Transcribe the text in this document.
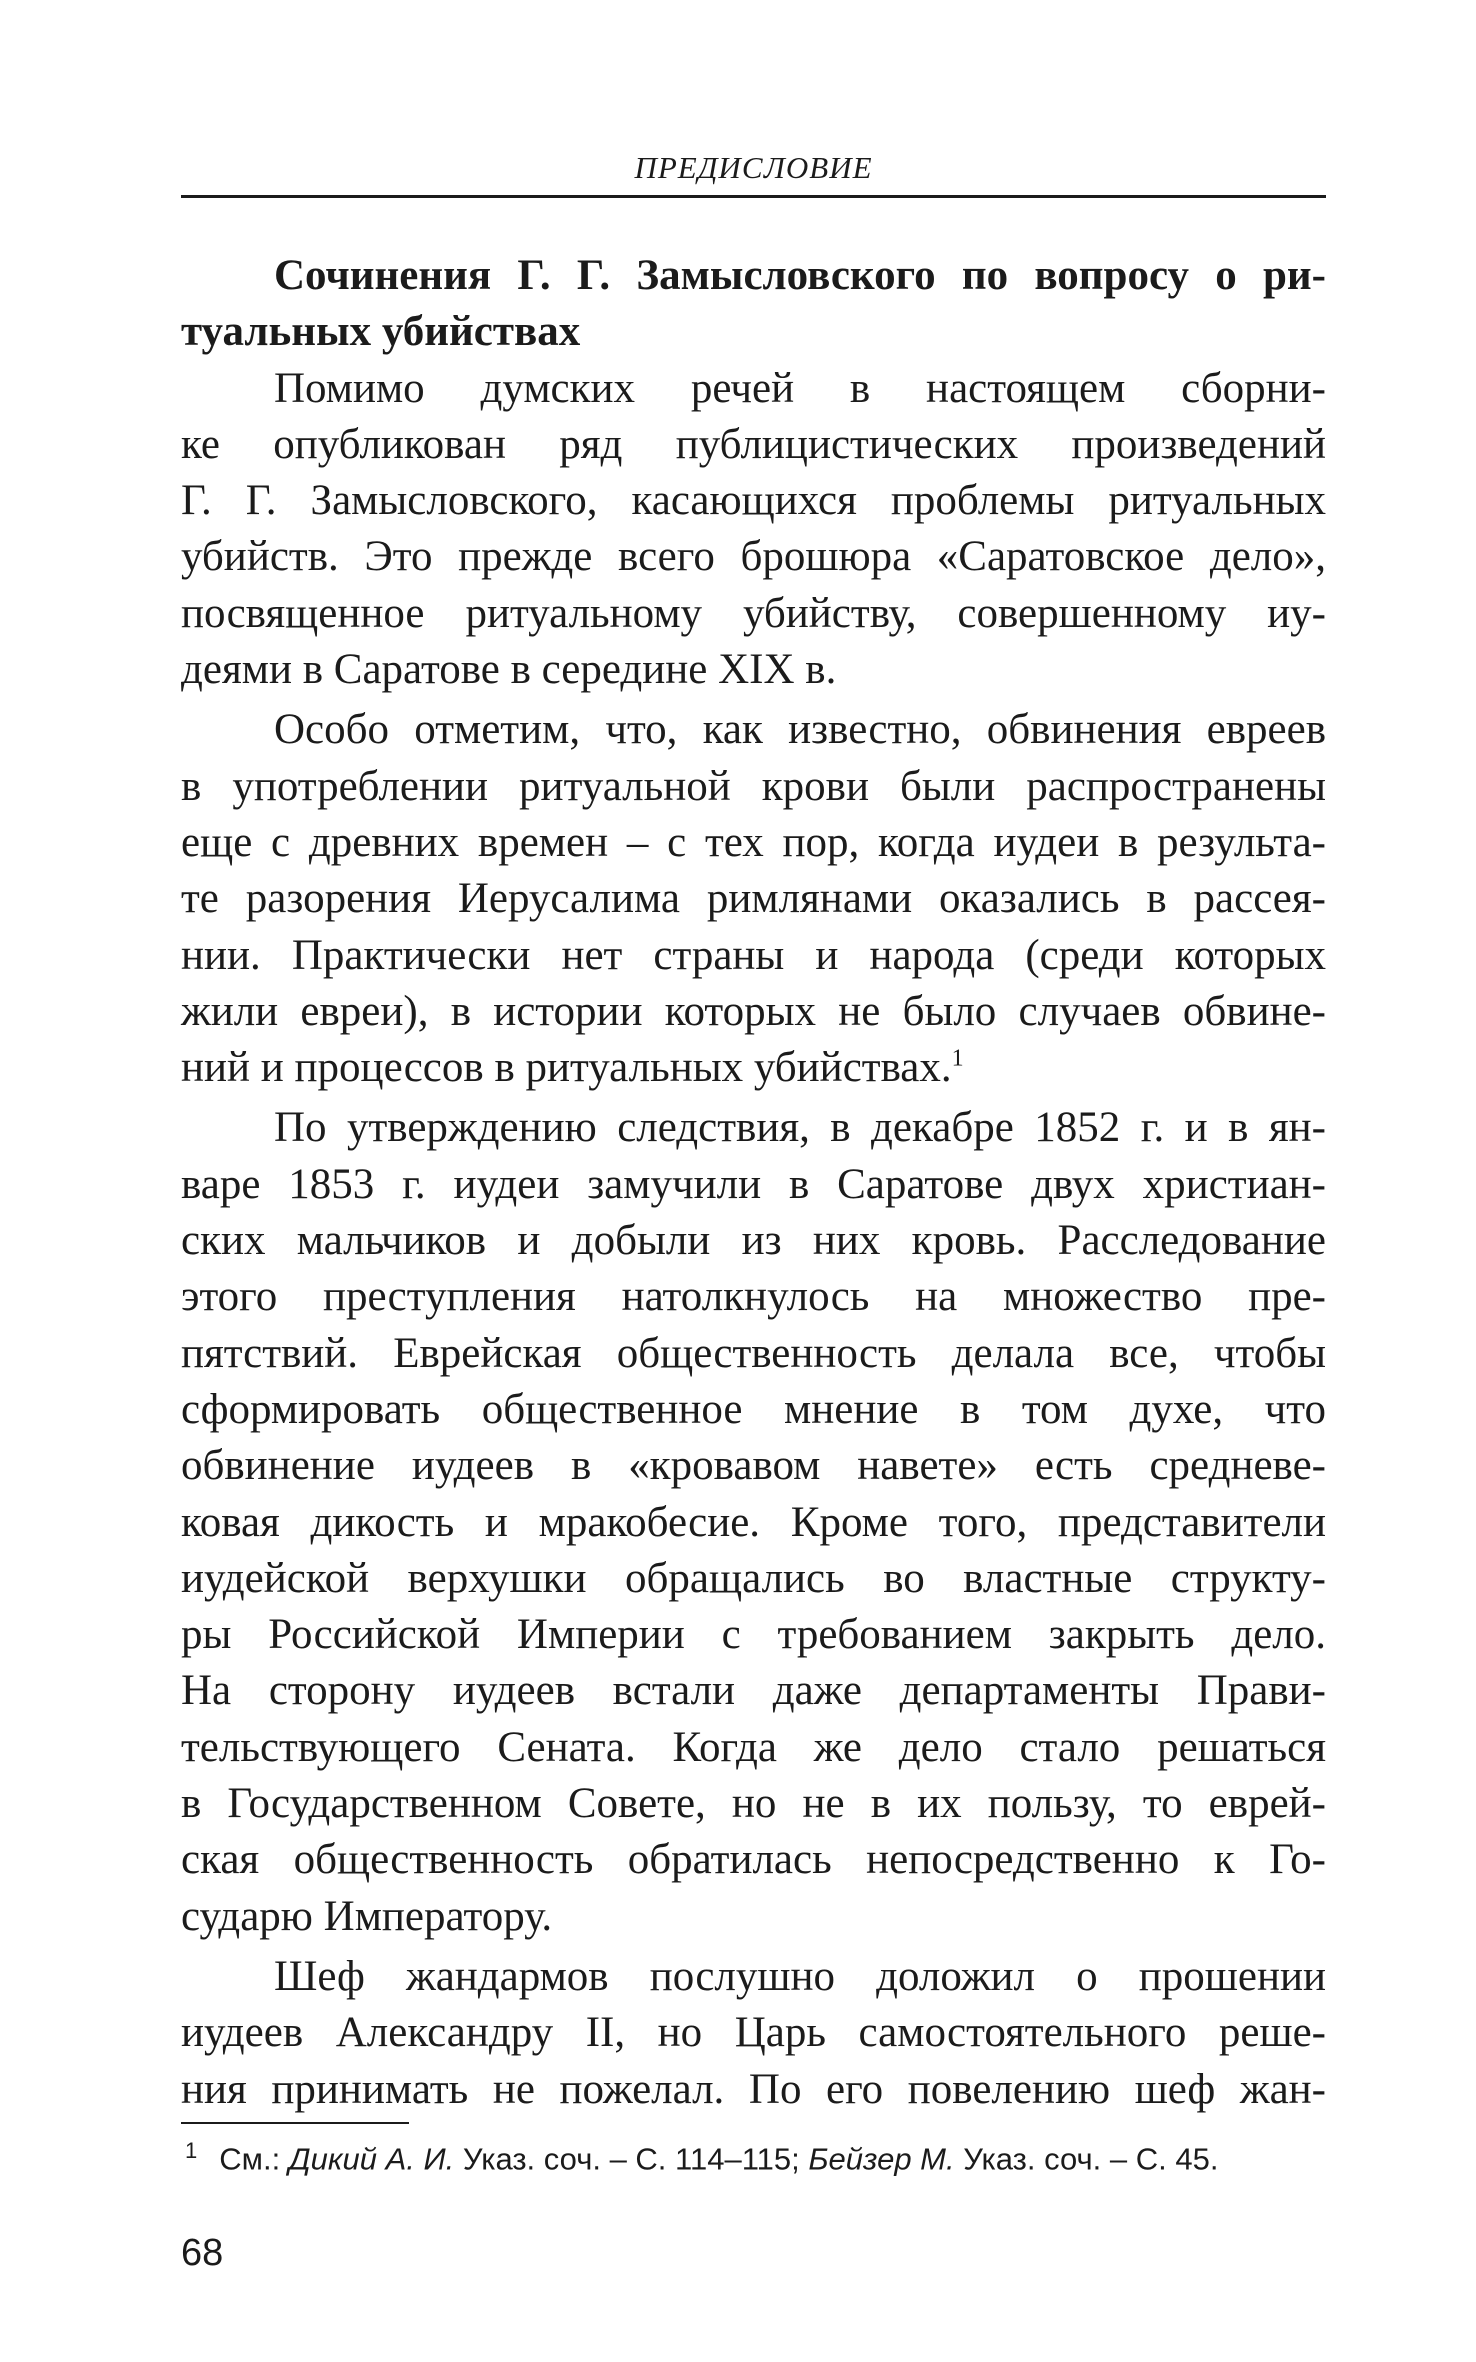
ПРЕДИСЛОВИЕ
Сочинения Г. Г. Замысловского по вопросу о ри-
туальных убийствах
Помимо думских речей в настоящем сборни-
ке опубликован ряд публицистических произведений
Г. Г. Замысловского, касающихся проблемы ритуальных
убийств. Это прежде всего брошюра «Саратовское дело»,
посвященное ритуальному убийству, совершенному иу-
деями в Саратове в середине XIX в.
Особо отметим, что, как известно, обвинения евреев
в употреблении ритуальной крови были распространены
еще с древних времен – с тех пор, когда иудеи в результа-
те разорения Иерусалима римлянами оказались в рассея-
нии. Практически нет страны и народа (среди которых
жили евреи), в истории которых не было случаев обвине-
ний и процессов в ритуальных убийствах.$^1$
По утверждению следствия, в декабре 1852 г. и в ян-
варе 1853 г. иудеи замучили в Саратове двух христиан-
ских мальчиков и добыли из них кровь. Расследование
этого преступления натолкнулось на множество пре-
пятствий. Еврейская общественность делала все, чтобы
сформировать общественное мнение в том духе, что
обвинение иудеев в «кровавом навете» есть средневе-
ковая дикость и мракобесие. Кроме того, представители
иудейской верхушки обращались во властные структу-
ры Российской Империи с требованием закрыть дело.
На сторону иудеев встали даже департаменты Прави-
тельствующего Сената. Когда же дело стало решаться
в Государственном Совете, но не в их пользу, то еврей-
ская общественность обратилась непосредственно к Го-
сударю Императору.
Шеф жандармов послушно доложил о прошении
иудеев Александру II, но Царь самостоятельного реше-
ния принимать не пожелал. По его повелению шеф жан-
$^1$ См.: Дикий А. И. Указ. соч. – С. 114–115; Бейзер М. Указ. соч. – С. 45.
68
